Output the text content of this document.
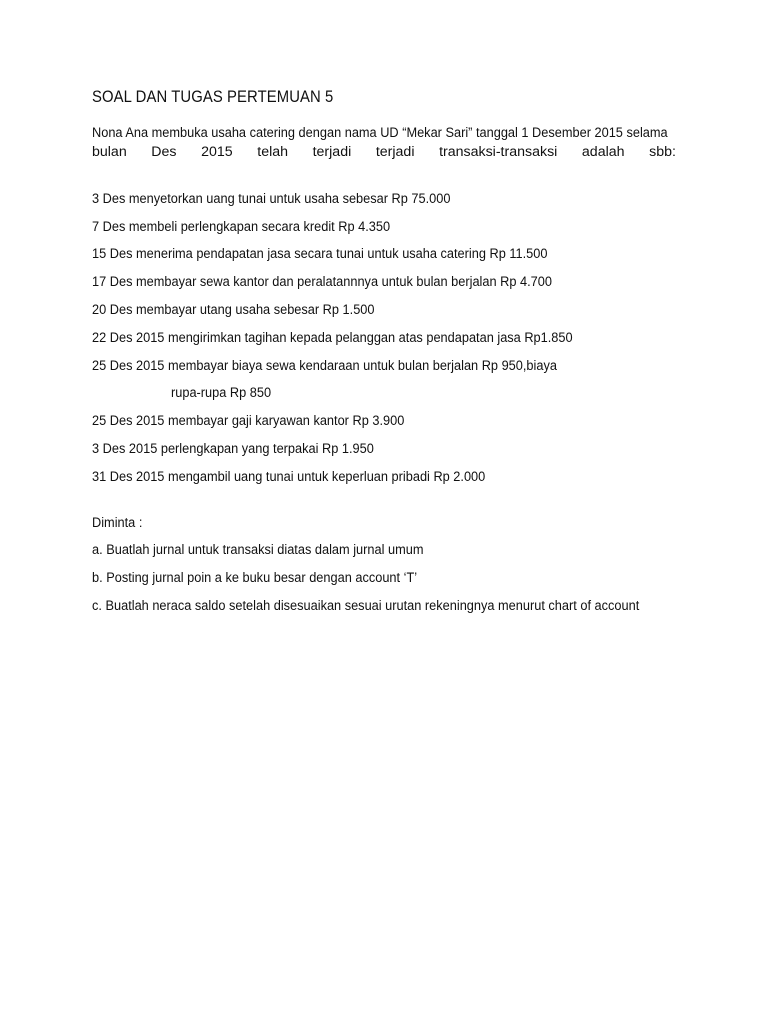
SOAL DAN TUGAS PERTEMUAN 5
Nona Ana membuka usaha catering dengan nama UD “Mekar Sari” tanggal 1 Desember 2015 selama
bulan Des 2015 telah terjadi terjadi transaksi-transaksi adalah sbb:
3 Des menyetorkan uang tunai untuk usaha sebesar Rp 75.000
7 Des membeli perlengkapan secara kredit Rp 4.350
15 Des menerima pendapatan jasa secara tunai untuk usaha catering Rp 11.500
17 Des membayar sewa kantor dan peralatannnya untuk bulan berjalan Rp 4.700
20 Des membayar utang usaha sebesar Rp 1.500
22 Des 2015 mengirimkan tagihan kepada pelanggan atas pendapatan jasa Rp1.850
25 Des 2015 membayar biaya sewa kendaraan untuk bulan berjalan Rp 950,biaya
rupa-rupa Rp 850
25 Des 2015 membayar gaji karyawan kantor Rp 3.900
3 Des 2015 perlengkapan yang terpakai Rp 1.950
31 Des 2015 mengambil uang tunai untuk keperluan pribadi Rp 2.000
Diminta :
a. Buatlah jurnal untuk transaksi diatas dalam jurnal umum
b. Posting jurnal poin a ke buku besar dengan account ‘T’
c. Buatlah neraca saldo setelah disesuaikan sesuai urutan rekeningnya menurut chart of account
